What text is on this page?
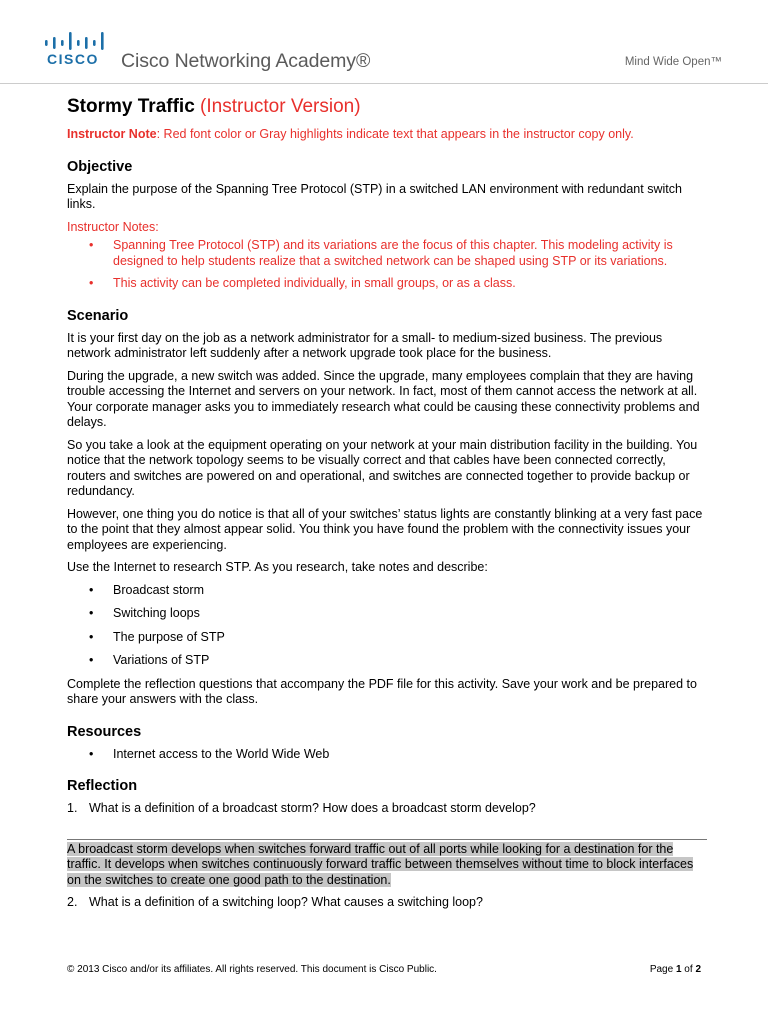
CISCO Cisco Networking Academy®	Mind Wide Open™
Stormy Traffic (Instructor Version)

Instructor Note: Red font color or Gray highlights indicate text that appears in the instructor copy only.

Objective

Explain the purpose of the Spanning Tree Protocol (STP) in a switched LAN environment with redundant switch links.

Instructor Notes:

• Spanning Tree Protocol (STP) and its variations are the focus of this chapter. This modeling activity is designed to help students realize that a switched network can be shaped using STP or its variations.
• This activity can be completed individually, in small groups, or as a class.
Scenario

It is your first day on the job as a network administrator for a small- to medium-sized business. The previous network administrator left suddenly after a network upgrade took place for the business.

During the upgrade, a new switch was added. Since the upgrade, many employees complain that they are having trouble accessing the Internet and servers on your network. In fact, most of them cannot access the network at all. Your corporate manager asks you to immediately research what could be causing these connectivity problems and delays.

So you take a look at the equipment operating on your network at your main distribution facility in the building. You notice that the network topology seems to be visually correct and that cables have been connected correctly, routers and switches are powered on and operational, and switches are connected together to provide backup or redundancy.

However, one thing you do notice is that all of your switches’ status lights are constantly blinking at a very fast pace to the point that they almost appear solid. You think you have found the problem with the connectivity issues your employees are experiencing.

Use the Internet to research STP. As you research, take notes and describe:

• Broadcast storm
• Switching loops
• The purpose of STP
• Variations of STP

Complete the reflection questions that accompany the PDF file for this activity. Save your work and be prepared to share your answers with the class.

Resources
• Internet access to the World Wide Web
Reflection
1. What is a definition of a broadcast storm? How does a broadcast storm develop?
A broadcast storm develops when switches forward traffic out of all ports while looking for a destination for the traffic. It develops when switches continuously forward traffic between themselves without time to block interfaces on the switches to create one good path to the destination.
2. What is a definition of a switching loop? What causes a switching loop?
© 2013 Cisco and/or its affiliates. All rights reserved. This document is Cisco Public.	Page 1 of 2
